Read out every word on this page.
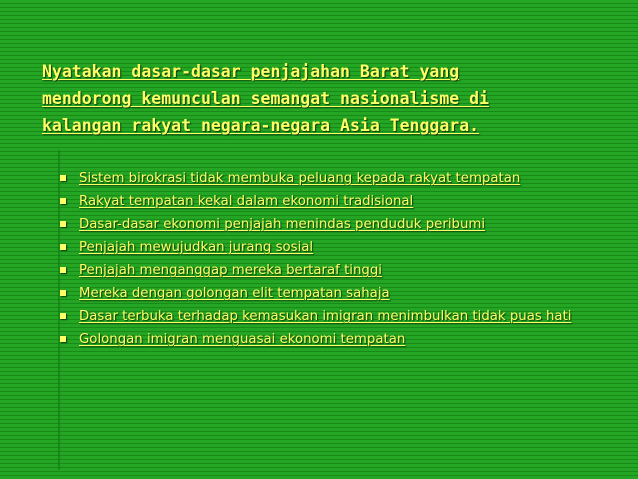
Nyatakan dasar-dasar penjajahan Barat yang
mendorong kemunculan semangat nasionalisme di
kalangan rakyat negara-negara Asia Tenggara.
Sistem birokrasi tidak membuka peluang kepada rakyat tempatan
Rakyat tempatan kekal dalam ekonomi tradisional
Dasar-dasar ekonomi penjajah menindas penduduk peribumi
Penjajah mewujudkan jurang sosial
Penjajah menganggap mereka bertaraf tinggi
Mereka dengan golongan elit tempatan sahaja
Dasar terbuka terhadap kemasukan imigran menimbulkan tidak puas hati
Golongan imigran menguasai ekonomi tempatan
